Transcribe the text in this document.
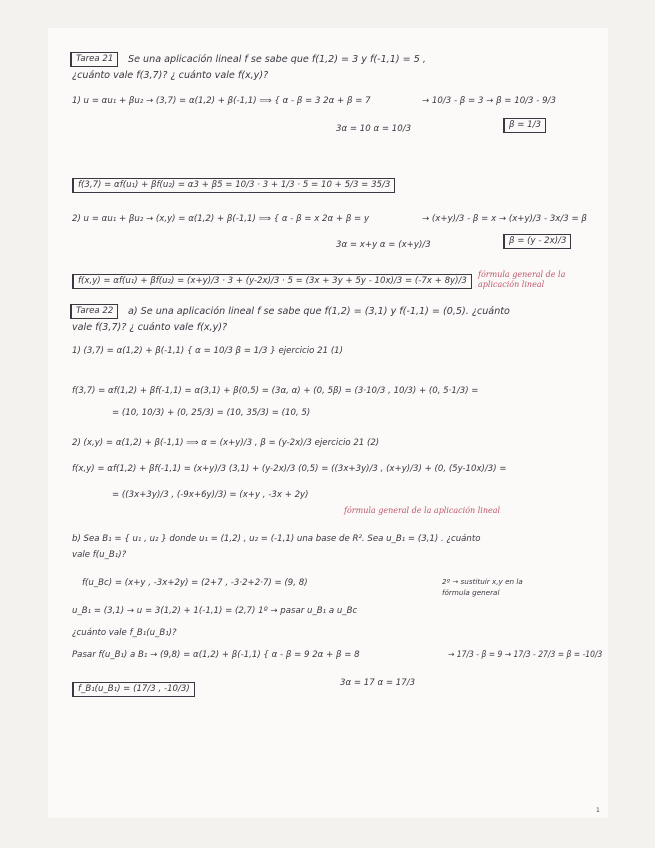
Tarea 21	Se una aplicación lineal f se sabe que f(1,2) = 3 y f(-1,1) = 5 ,
¿cuánto vale f(3,7)? ¿ cuánto vale f(x,y)?
1) u = αu₁ + βu₂ → (3,7) = α(1,2) + β(-1,1) ⟹ { α - β = 3 2α + β = 7	→ 10/3 - β = 3 → β = 10/3 - 9/3
3α = 10 α = 10/3	β = 1/3
f(3,7) = αf(u₁) + βf(u₂) = α3 + β5 = 10/3 · 3 + 1/3 · 5 = 10 + 5/3 = 35/3
2) u = αu₁ + βu₂ → (x,y) = α(1,2) + β(-1,1) ⟹ { α - β = x 2α + β = y	→ (x+y)/3 - β = x → (x+y)/3 - 3x/3 = β
3α = x+y α = (x+y)/3	β = (y - 2x)/3
f(x,y) = αf(u₁) + βf(u₂) = (x+y)/3 · 3 + (y-2x)/3 · 5 = (3x + 3y + 5y - 10x)/3 = (-7x + 8y)/3
fórmula general de la aplicación lineal
Tarea 22	a) Se una aplicación lineal f se sabe que f(1,2) = (3,1) y f(-1,1) = (0,5). ¿cuánto
vale f(3,7)? ¿ cuánto vale f(x,y)?
1) (3,7) = α(1,2) + β(-1,1) { α = 10/3 β = 1/3 } ejercicio 21 (1)
f(3,7) = αf(1,2) + βf(-1,1) = α(3,1) + β(0,5) = (3α, α) + (0, 5β) = (3·10/3 , 10/3) + (0, 5·1/3) =
= (10, 10/3) + (0, 25/3) = (10, 35/3) = (10, 5)
2) (x,y) = α(1,2) + β(-1,1) ⟹ α = (x+y)/3 , β = (y-2x)/3 ejercicio 21 (2)
f(x,y) = αf(1,2) + βf(-1,1) = (x+y)/3 (3,1) + (y-2x)/3 (0,5) = ((3x+3y)/3 , (x+y)/3) + (0, (5y-10x)/3) =
= ((3x+3y)/3 , (-9x+6y)/3) = (x+y , -3x + 2y)
fórmula general de la aplicación lineal
b) Sea B₁ = { u₁ , u₂ } donde u₁ = (1,2) , u₂ = (-1,1) una base de R². Sea u_B₁ = (3,1) . ¿cuánto
vale f(u_B₁)?
f(u_Bc) = (x+y , -3x+2y) = (2+7 , -3·2+2·7) = (9, 8)	2º → sustituir x,y en la fórmula general
u_B₁ = (3,1) → u = 3(1,2) + 1(-1,1) = (2,7) 1º → pasar u_B₁ a u_Bc
¿cuánto vale f_B₁(u_B₁)?
Pasar f(u_B₁) a B₁ → (9,8) = α(1,2) + β(-1,1) { α - β = 9 2α + β = 8	→ 17/3 - β = 9 → 17/3 - 27/3 = β = -10/3
3α = 17 α = 17/3
f_B₁(u_B₁) = (17/3 , -10/3)
1
